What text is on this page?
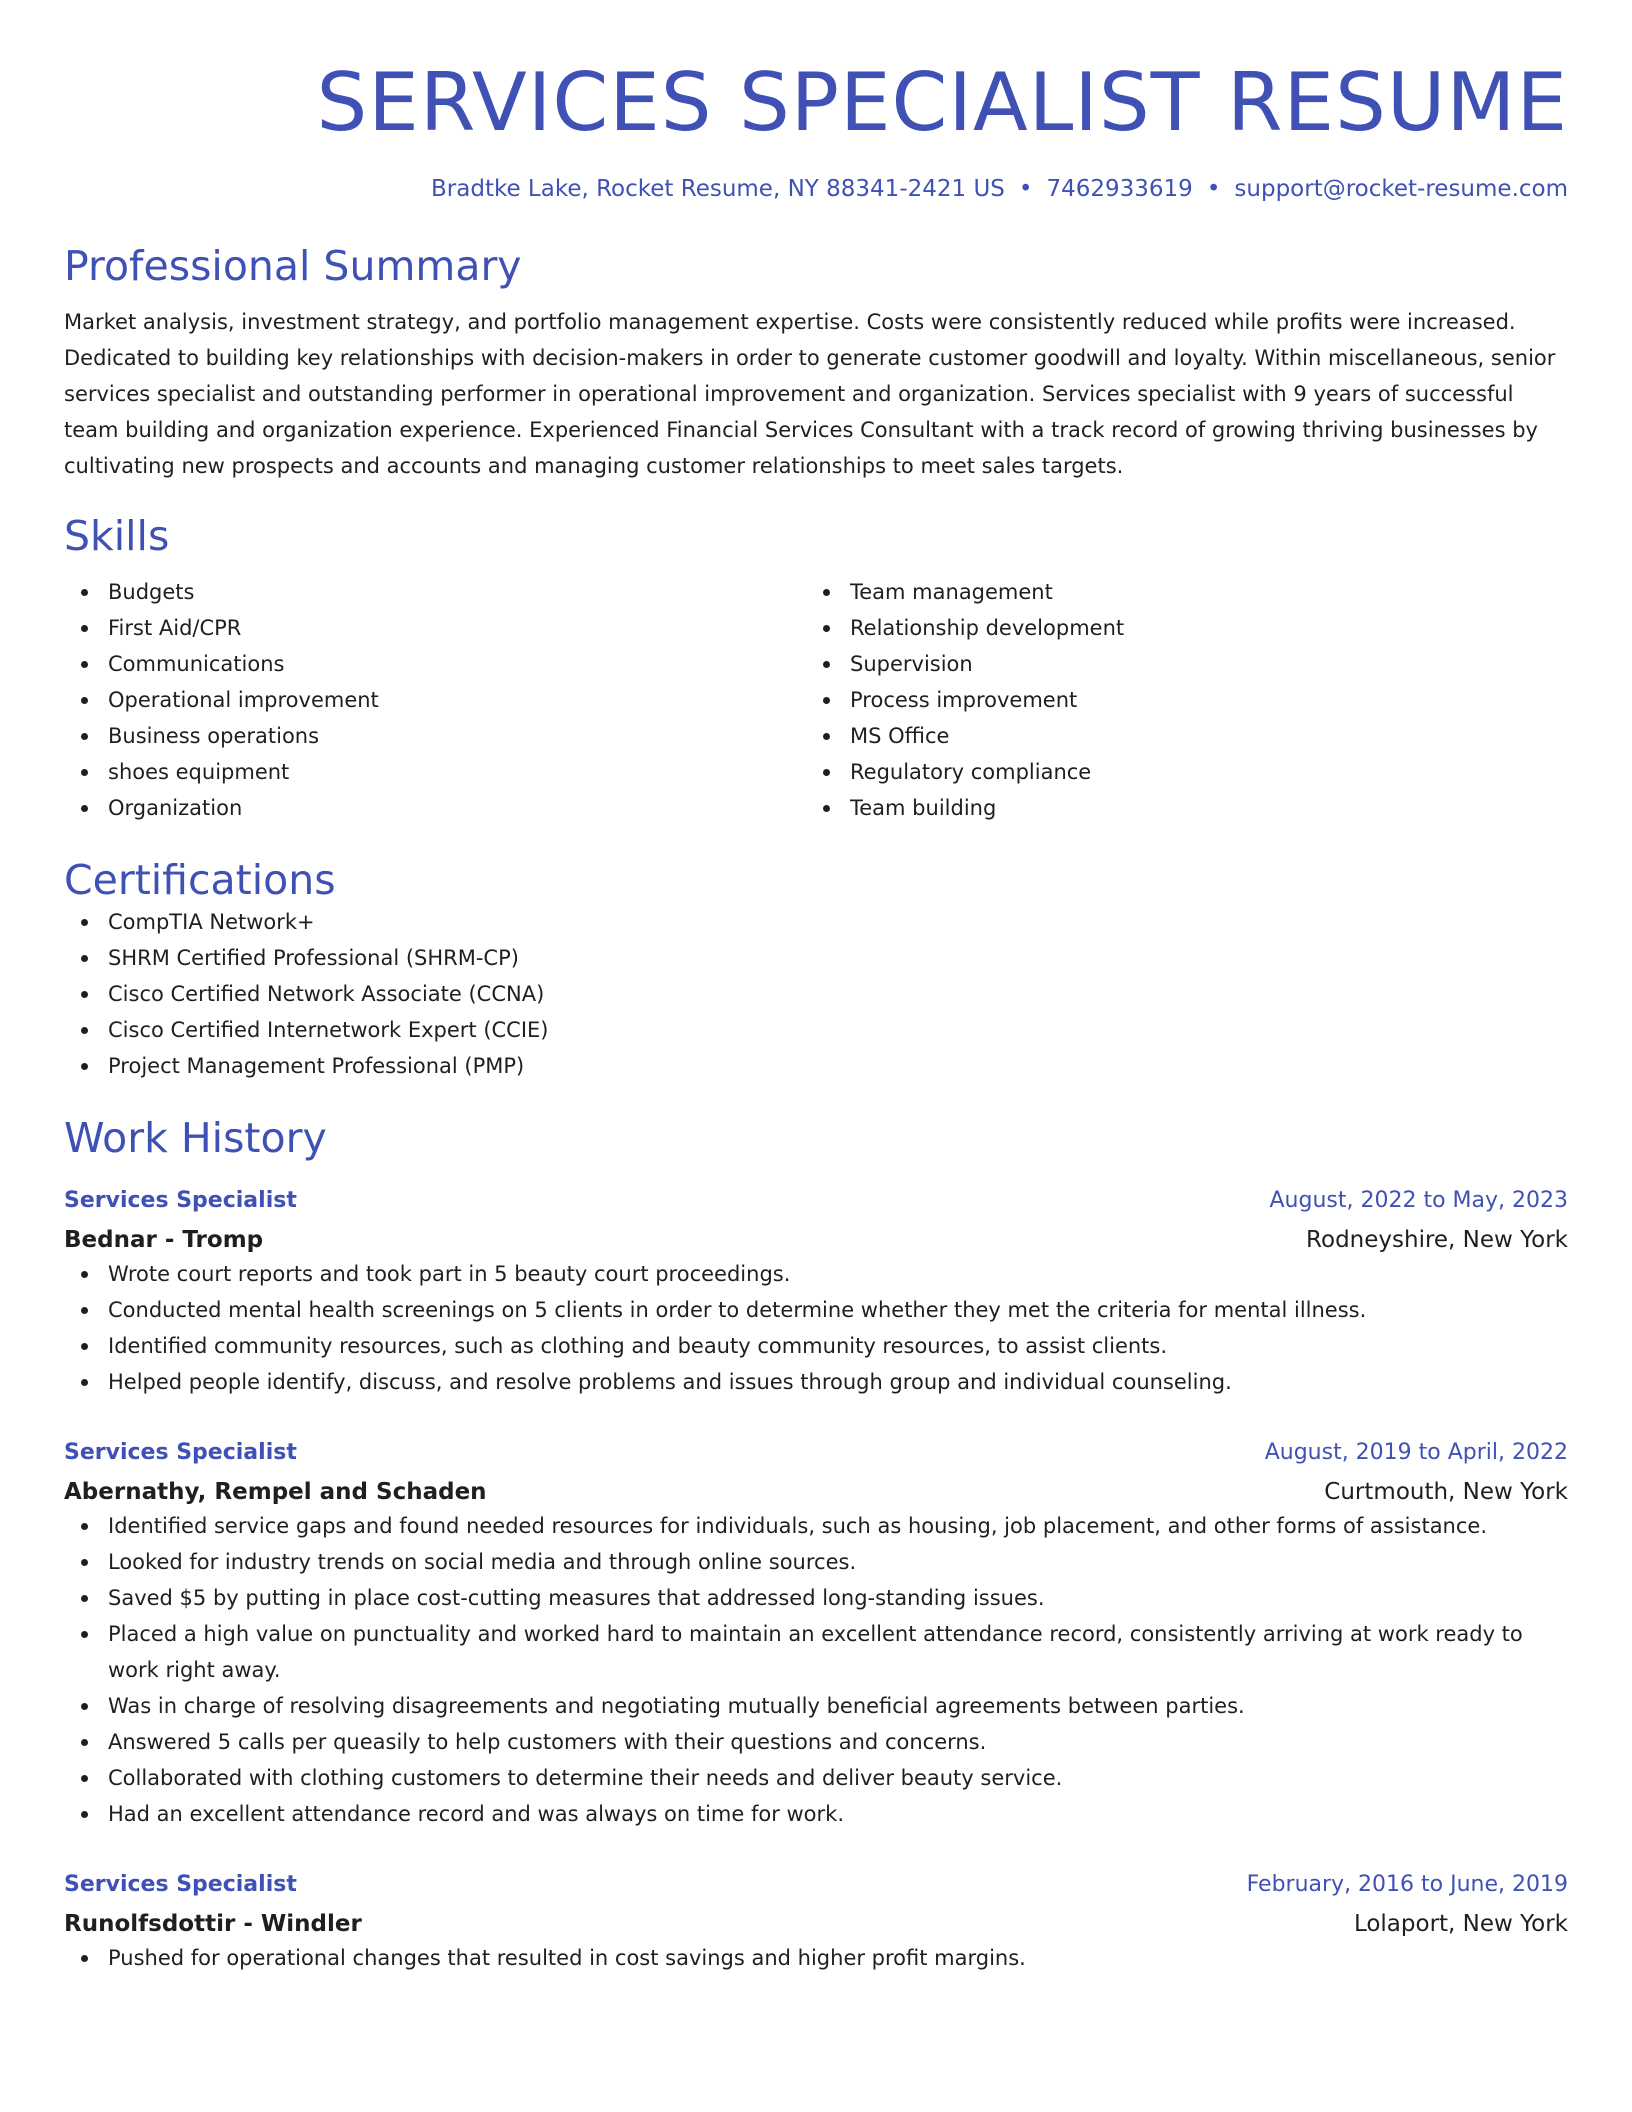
SERVICES SPECIALIST RESUME
Bradtke Lake, Rocket Resume, NY 88341-2421 US • 7462933619 • support@rocket-resume.com
Professional Summary

Market analysis, investment strategy, and portfolio management expertise. Costs were consistently reduced while profits were increased. Dedicated to building key relationships with decision-makers in order to generate customer goodwill and loyalty. Within miscellaneous, senior services specialist and outstanding performer in operational improvement and organization. Services specialist with 9 years of successful team building and organization experience. Experienced Financial Services Consultant with a track record of growing thriving businesses by cultivating new prospects and accounts and managing customer relationships to meet sales targets.

Skills
Budgets
First Aid/CPR
Communications
Operational improvement
Business operations
shoes equipment
Organization
Team management
Relationship development
Supervision
Process improvement
MS Office
Regulatory compliance
Team building
Certifications
CompTIA Network+
SHRM Certified Professional (SHRM-CP)
Cisco Certified Network Associate (CCNA)
Cisco Certified Internetwork Expert (CCIE)
Project Management Professional (PMP)
Work History
Services Specialist	August, 2022 to May, 2023
Bednar - Tromp	Rodneyshire, New York
Wrote court reports and took part in 5 beauty court proceedings.
Conducted mental health screenings on 5 clients in order to determine whether they met the criteria for mental illness.
Identified community resources, such as clothing and beauty community resources, to assist clients.
Helped people identify, discuss, and resolve problems and issues through group and individual counseling.
Services Specialist	August, 2019 to April, 2022
Abernathy, Rempel and Schaden	Curtmouth, New York
Identified service gaps and found needed resources for individuals, such as housing, job placement, and other forms of assistance.
Looked for industry trends on social media and through online sources.
Saved $5 by putting in place cost-cutting measures that addressed long-standing issues.
Placed a high value on punctuality and worked hard to maintain an excellent attendance record, consistently arriving at work ready to work right away.
Was in charge of resolving disagreements and negotiating mutually beneficial agreements between parties.
Answered 5 calls per queasily to help customers with their questions and concerns.
Collaborated with clothing customers to determine their needs and deliver beauty service.
Had an excellent attendance record and was always on time for work.
Services Specialist	February, 2016 to June, 2019
Runolfsdottir - Windler	Lolaport, New York
Pushed for operational changes that resulted in cost savings and higher profit margins.
